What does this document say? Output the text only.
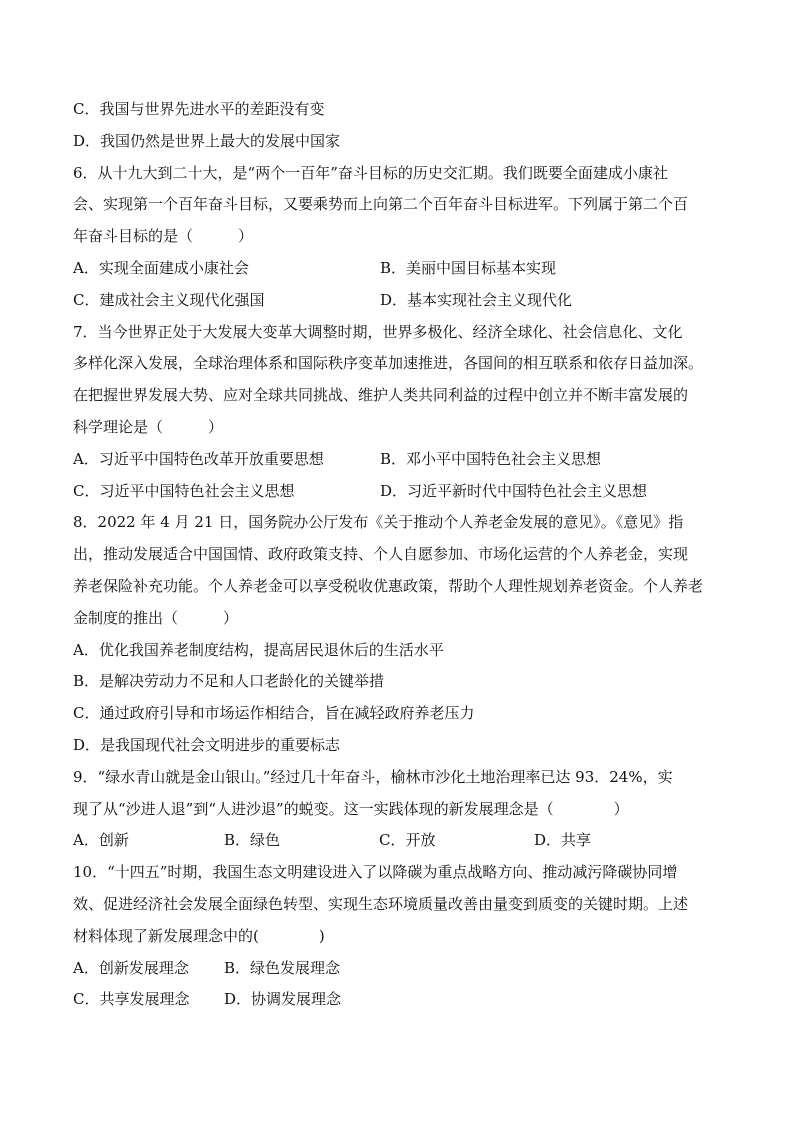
C．我国与世界先进水平的差距没有变
D．我国仍然是世界上最大的发展中国家
6．从十九大到二十大，是“两个一百年”奋斗目标的历史交汇期。我们既要全面建成小康社
会、实现第一个百年奋斗目标，又要乘势而上向第二个百年奋斗目标进军。下列属于第二个百
年奋斗目标的是（　　　）
A．实现全面建成小康社会	B．美丽中国目标基本实现
C．建成社会主义现代化强国	D．基本实现社会主义现代化
7．当今世界正处于大发展大变革大调整时期，世界多极化、经济全球化、社会信息化、文化
多样化深入发展，全球治理体系和国际秩序变革加速推进，各国间的相互联系和依存日益加深。
在把握世界发展大势、应对全球共同挑战、维护人类共同利益的过程中创立并不断丰富发展的
科学理论是（　　　）
A．习近平中国特色改革开放重要思想	B．邓小平中国特色社会主义思想
C．习近平中国特色社会主义思想	D．习近平新时代中国特色社会主义思想
8．2022 年 4 月 21 日，国务院办公厅发布《关于推动个人养老金发展的意见》。《意见》指
出，推动发展适合中国国情、政府政策支持、个人自愿参加、市场化运营的个人养老金，实现
养老保险补充功能。个人养老金可以享受税收优惠政策，帮助个人理性规划养老资金。个人养老
金制度的推出（　　　）
A．优化我国养老制度结构，提高居民退休后的生活水平
B．是解决劳动力不足和人口老龄化的关键举措
C．通过政府引导和市场运作相结合，旨在减轻政府养老压力
D．是我国现代社会文明进步的重要标志
9．“绿水青山就是金山银山。”经过几十年奋斗，榆林市沙化土地治理率已达 93．24%，实
现了从“沙进人退”到“人进沙退”的蜕变。这一实践体现的新发展理念是（　　　　）
A．创新	B．绿色	C．开放	D．共享
10．“十四五”时期，我国生态文明建设进入了以降碳为重点战略方向、推动减污降碳协同增
效、促进经济社会发展全面绿色转型、实现生态环境质量改善由量变到质变的关键时期。上述
材料体现了新发展理念中的(　　　　)
A．创新发展理念 B．绿色发展理念
C．共享发展理念 D．协调发展理念
